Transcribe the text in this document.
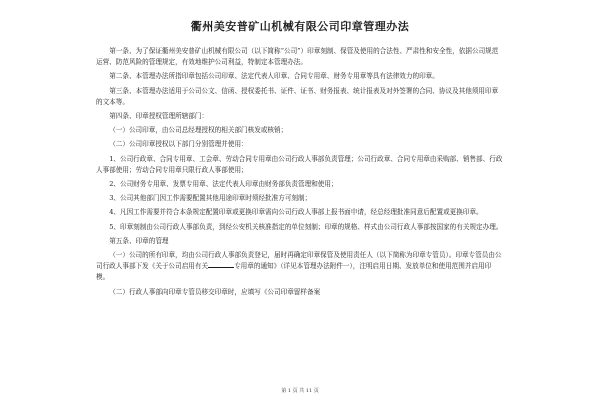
衢州美安普矿山机械有限公司印章管理办法

第一条、为了保证衢州美安普矿山机械有限公司（以下简称“公司”）印章刻制、保管及使用的合法性、严肃性和安全性，依据公司规范运营、防范风险的管理规定，有效地维护公司利益，特制定本管理办法。

第二条、本管理办法所指印章包括公司印章、法定代表人印章、合同专用章、财务专用章等具有法律效力的印章。

第三条、本管理办法适用于公司公文、信函、授权委托书、证件、证书、财务报表、统计报表及对外签署的合同、协议及其他须用印章的文本等。

第四条、印章授权管理所辖部门：

（一）公司印章，由公司总经理授权的相关部门核发或核销；

（二）公司印章授权以下部门分别管理并使用：

1、公司行政章、合同专用章、工会章、劳动合同专用章由公司行政人事部负责管理；公司行政章、合同专用章由采购部、销售部、行政人事部使用；劳动合同专用章只限行政人事部使用；

2、公司财务专用章、发票专用章、法定代表人印章由财务部负责管理和使用；

3、公司其他部门因工作需要配置其他用途印章时须经批准方可刻制；

4、凡因工作需要并符合本条规定配置印章或更换印章需向公司行政人事部上报书面申请，经总经理批准同意后配置或更换印章。

5、印章刻制由公司行政人事部负责，到经公安机关核准指定的单位刻制；印章的规格、样式由公司行政人事部按国家的有关规定办理。

第五条、印章的管理

（一）公司的所有印章，均由公司行政人事部负责登记，届时再确定印章保管及使用责任人（以下简称为印章专管员）。印章专管员由公司行政人事部下发《关于公司启用有关	专用章的通知》（详见本管理办法附件一），注明启用日期、发放单位和使用范围并启用印模。

（二）行政人事部向印章专管员移交印章时，应填写《公司印章留样备案

第 1 页 共 11 页
